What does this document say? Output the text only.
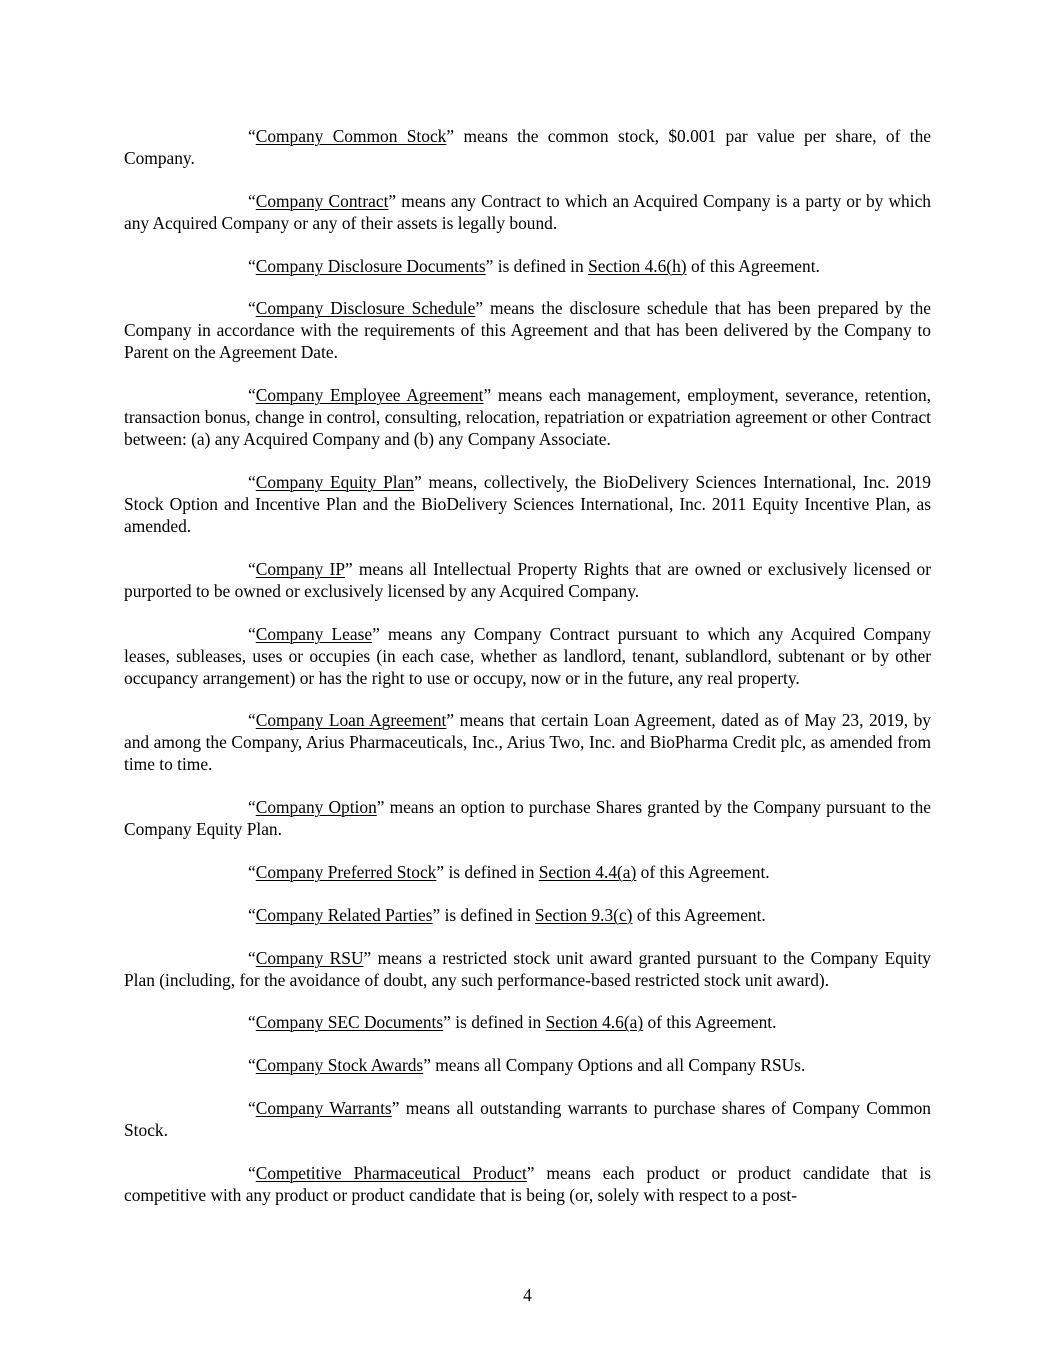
“Company Common Stock” means the common stock, $0.001 par value per share, of the Company.

“Company Contract” means any Contract to which an Acquired Company is a party or by which any Acquired Company or any of their assets is legally bound.

“Company Disclosure Documents” is defined in Section 4.6(h) of this Agreement.

“Company Disclosure Schedule” means the disclosure schedule that has been prepared by the Company in accordance with the requirements of this Agreement and that has been delivered by the Company to Parent on the Agreement Date.

“Company Employee Agreement” means each management, employment, severance, retention, transaction bonus, change in control, consulting, relocation, repatriation or expatriation agreement or other Contract between: (a) any Acquired Company and (b) any Company Associate.

“Company Equity Plan” means, collectively, the BioDelivery Sciences International, Inc. 2019 Stock Option and Incentive Plan and the BioDelivery Sciences International, Inc. 2011 Equity Incentive Plan, as amended.

“Company IP” means all Intellectual Property Rights that are owned or exclusively licensed or purported to be owned or exclusively licensed by any Acquired Company.

“Company Lease” means any Company Contract pursuant to which any Acquired Company leases, subleases, uses or occupies (in each case, whether as landlord, tenant, sublandlord, subtenant or by other occupancy arrangement) or has the right to use or occupy, now or in the future, any real property.

“Company Loan Agreement” means that certain Loan Agreement, dated as of May 23, 2019, by and among the Company, Arius Pharmaceuticals, Inc., Arius Two, Inc. and BioPharma Credit plc, as amended from time to time.

“Company Option” means an option to purchase Shares granted by the Company pursuant to the Company Equity Plan.

“Company Preferred Stock” is defined in Section 4.4(a) of this Agreement.

“Company Related Parties” is defined in Section 9.3(c) of this Agreement.

“Company RSU” means a restricted stock unit award granted pursuant to the Company Equity Plan (including, for the avoidance of doubt, any such performance-based restricted stock unit award).

“Company SEC Documents” is defined in Section 4.6(a) of this Agreement.

“Company Stock Awards” means all Company Options and all Company RSUs.

“Company Warrants” means all outstanding warrants to purchase shares of Company Common Stock.

“Competitive Pharmaceutical Product” means each product or product candidate that is competitive with any product or product candidate that is being (or, solely with respect to a post-

4
